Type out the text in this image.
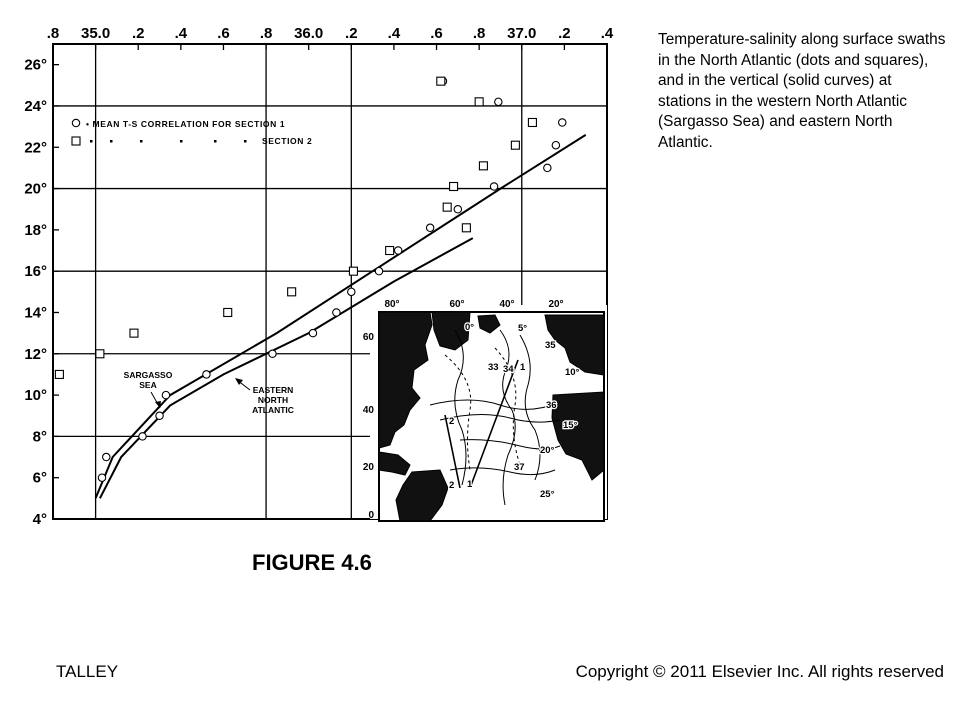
.8 35.0 .2 .4 .6 .8 36.0 .2 .4 .6 .8 37.0 .2 .4
4°
6°
8°
10°
12°
14°
16°
18°
20°
22°
24°
26°
• MEAN T-S CORRELATION FOR SECTION 1
SECTION 2
SARGASSO
SEA	EASTERN
NORTH
ATLANTIC
80°	60°	40°	20°
60
40
20
0
0°	5°
35
10°
36
15°
20°
37
25°
1
1
2
2
34
33
Temperature-salinity along surface swaths in the North Atlantic (dots and squares), and in the vertical (solid curves) at stations in the western North Atlantic (Sargasso Sea) and eastern North Atlantic.
FIGURE 4.6
TALLEY	Copyright © 2011 Elsevier Inc. All rights reserved
